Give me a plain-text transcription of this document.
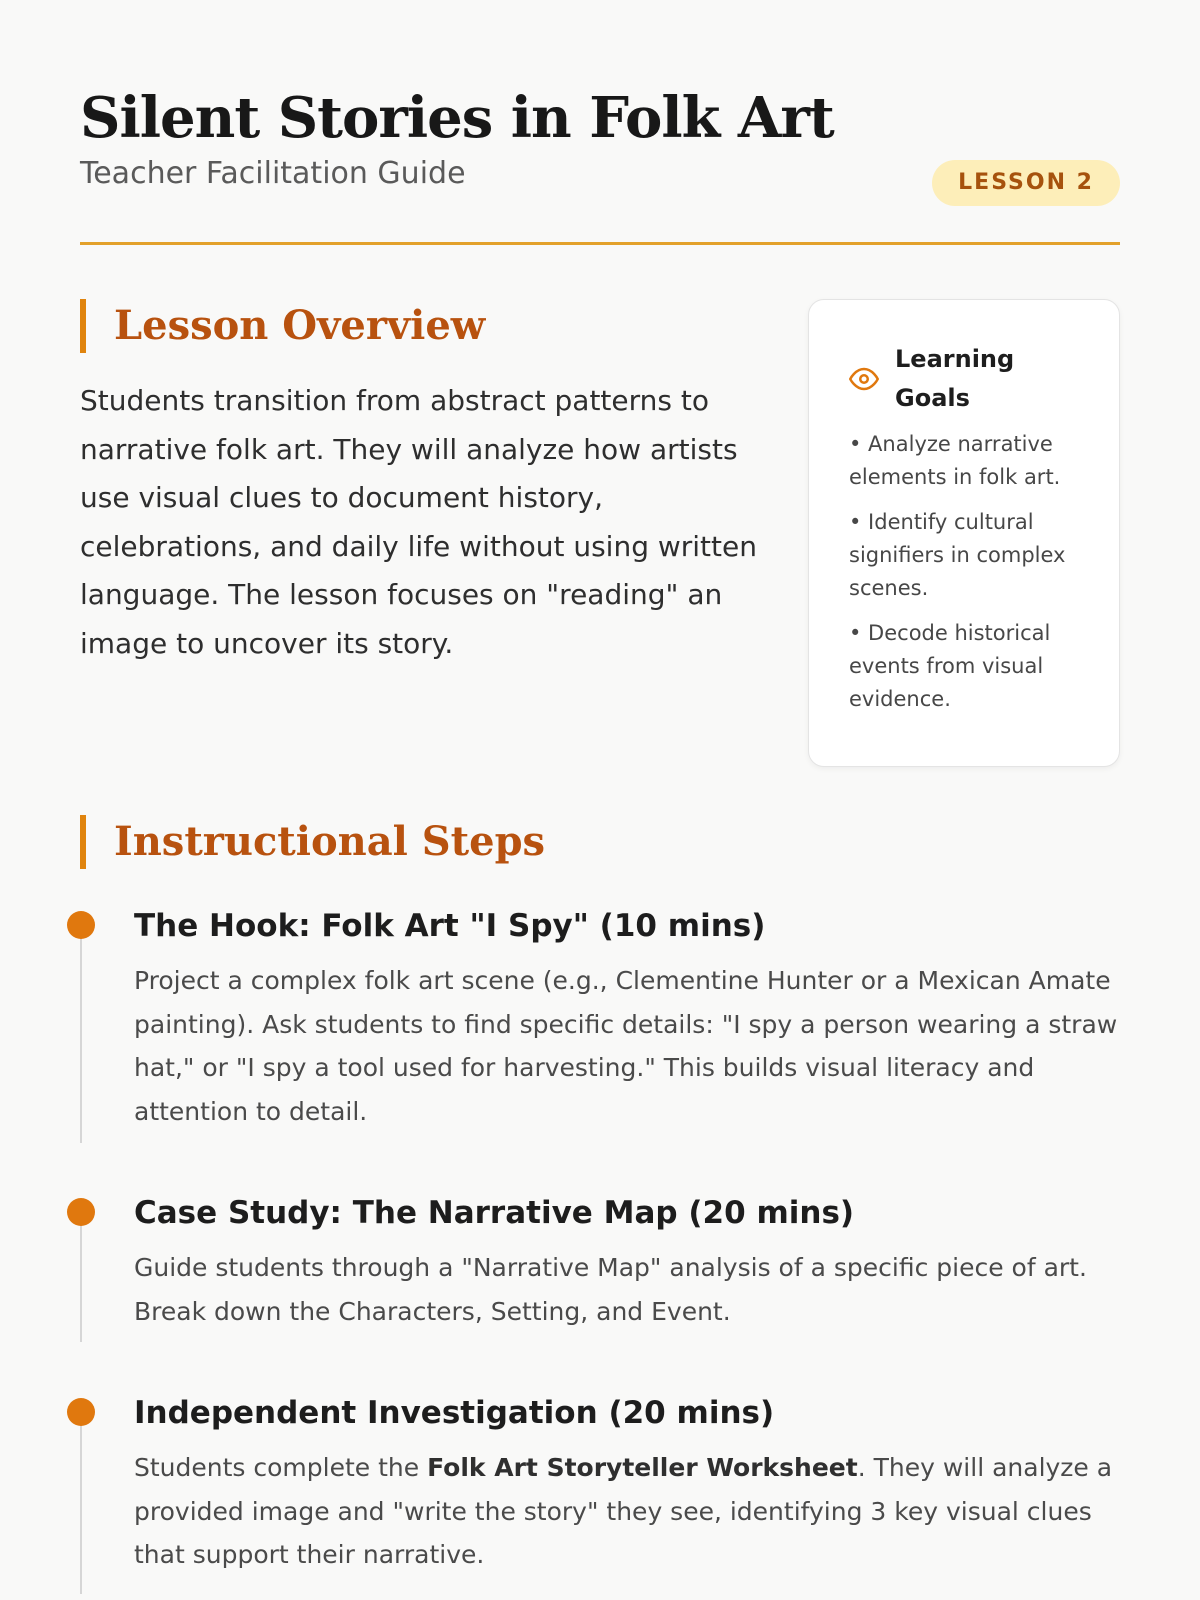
Silent Stories in Folk Art
Teacher Facilitation Guide	LESSON 2
Lesson Overview

Students transition from abstract patterns to narrative folk art. They will analyze how artists use visual clues to document history, celebrations, and daily life without using written language. The lesson focuses on "reading" an image to uncover its story.

Learning Goals
• Analyze narrative elements in folk art.
• Identify cultural signifiers in complex scenes.
• Decode historical events from visual evidence.
Instructional Steps
The Hook: Folk Art "I Spy" (10 mins)

Project a complex folk art scene (e.g., Clementine Hunter or a Mexican Amate painting). Ask students to find specific details: "I spy a person wearing a straw hat," or "I spy a tool used for harvesting." This builds visual literacy and attention to detail.

Case Study: The Narrative Map (20 mins)

Guide students through a "Narrative Map" analysis of a specific piece of art. Break down the Characters, Setting, and Event.

Independent Investigation (20 mins)

Students complete the Folk Art Storyteller Worksheet. They will analyze a provided image and "write the story" they see, identifying 3 key visual clues that support their narrative.
